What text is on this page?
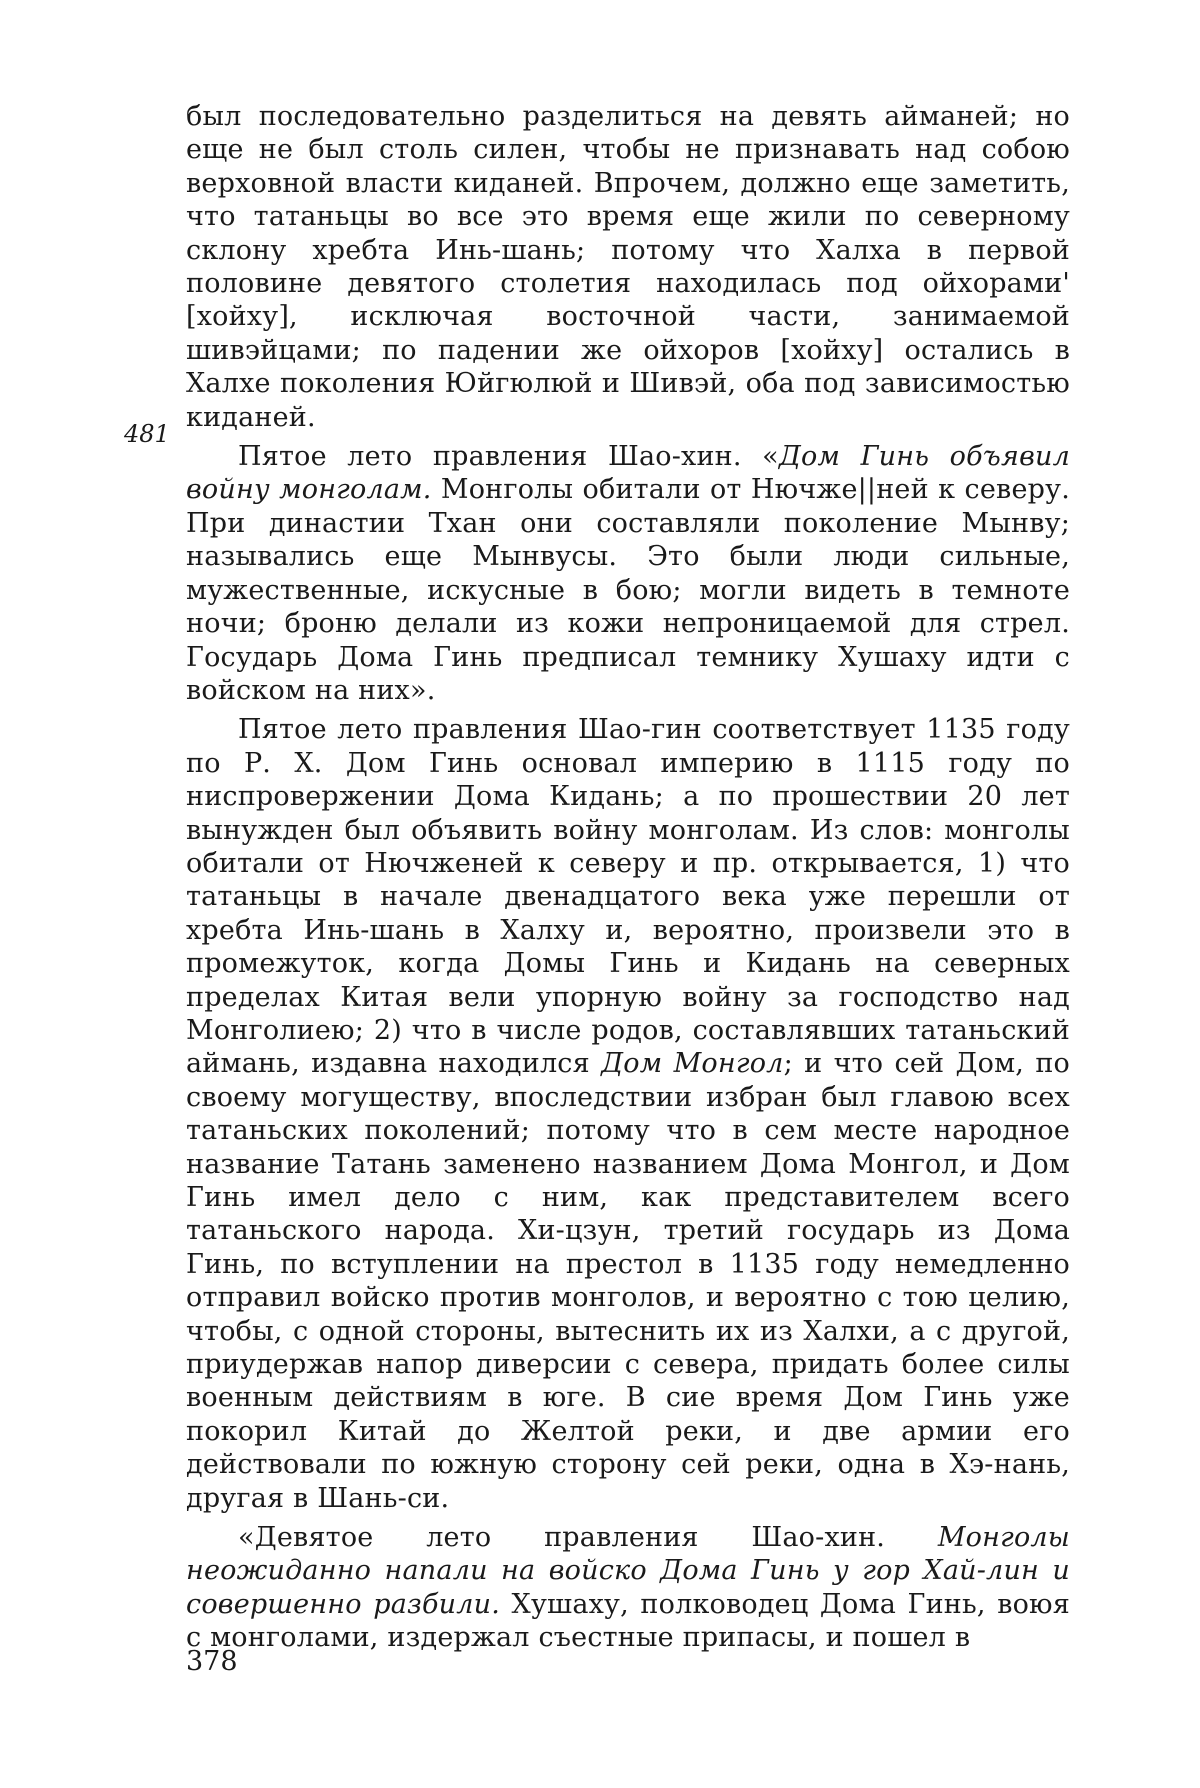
481

был последовательно разделиться на девять айманей; но еще не был столь силен, чтобы не признавать над собою верховной власти киданей. Впрочем, должно еще заметить, что татаньцы во все это время еще жили по северному склону хребта Инь-шань; потому что Халха в первой половине девятого столетия находилась под ойхорами' [хойху], исключая восточной части, занимаемой шивэйцами; по падении же ойхоров [хойху] остались в Халхе поколения Юйгюлюй и Шивэй, оба под зависимостью киданей.

Пятое лето правления Шао-хин. «Дом Гинь объявил войну монголам. Монголы обитали от Нючже||ней к северу. При династии Тхан они составляли поколение Мынву; назывались еще Мынвусы. Это были люди сильные, мужественные, искусные в бою; могли видеть в темноте ночи; броню делали из кожи непроницаемой для стрел. Государь Дома Гинь предписал темнику Хушаху идти с войском на них».

Пятое лето правления Шао-гин соответствует 1135 году по Р. Х. Дом Гинь основал империю в 1115 году по ниспровержении Дома Кидань; а по прошествии 20 лет вынужден был объявить войну монголам. Из слов: монголы обитали от Нючженей к северу и пр. открывается, 1) что татаньцы в начале двенадцатого века уже перешли от хребта Инь-шань в Халху и, вероятно, произвели это в промежуток, когда Домы Гинь и Кидань на северных пределах Китая вели упорную войну за господство над Монголиею; 2) что в числе родов, составлявших татаньский аймань, издавна находился Дом Монгол; и что сей Дом, по своему могуществу, впоследствии избран был главою всех татаньских поколений; потому что в сем месте народное название Татань заменено названием Дома Монгол, и Дом Гинь имел дело с ним, как представителем всего татаньского народа. Хи-цзун, третий государь из Дома Гинь, по вступлении на престол в 1135 году немедленно отправил войско против монголов, и вероятно с тою целию, чтобы, с одной стороны, вытеснить их из Халхи, а с другой, приудержав напор диверсии с севера, придать более силы военным действиям в юге. В сие время Дом Гинь уже покорил Китай до Желтой реки, и две армии его действовали по южную сторону сей реки, одна в Хэ-нань, другая в Шань-си.

«Девятое лето правления Шао-хин. Монголы неожиданно напали на войско Дома Гинь у гор Хай-лин и совершенно разбили. Хушаху, полководец Дома Гинь, воюя с монголами, издержал съестные припасы, и пошел в

378
